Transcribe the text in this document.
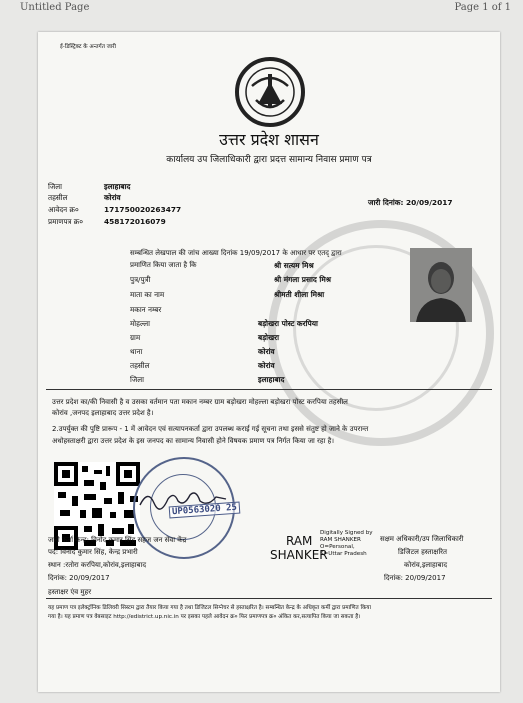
Untitled Page	Page 1 of 1
ई-डिस्ट्रिक्ट के अन्तर्गत जारी
उत्तर प्रदेश शासन
कार्यालय उप जिलाधिकारी द्वारा प्रदत्त सामान्य निवास प्रमाण पत्र
जिला	इलाहाबाद
तहसील	कोरांव
आवेदन क्र०	171750020263477
प्रमाणपत्र क्र०	458172016079
जारी दिनांक: 20/09/2017
सम्बन्धित लेखपाल की जांच आख्या दिनांक 19/09/2017 के आधार पर एतद् द्वारा
प्रमाणित किया जाता है कि	श्री सत्यम मिश्र
पुत्र/पुत्री	श्री मंगला प्रसाद मिश्र
माता का नाम	श्रीमती शीला मिश्रा
मकान नम्बर
मोहल्ला	बड़ोखरा पोस्ट करपिया
ग्राम	बड़ोखरा
थाना	कोरांव
तहसील	कोरांव
जिला	इलाहाबाद
उत्तर प्रदेश का/की निवासी है व उसका वर्तमान पता मकान नम्बर ग्राम बड़ोखरा मोहल्ला बड़ोखरा पोस्ट करपिया तहसील
कोरांव ,जनपद इलाहाबाद उत्तर प्रदेश है।
2.उपर्युक्त की पुष्टि प्रारूप - 1 में आवेदन एवं सत्यापनकर्ता द्वारा उपलब्ध कराई गई सूचना तथा इससे संतुष्ट हो जाने के उपरान्त
अधोहस्ताक्षरी द्वारा उत्तर प्रदेश के इस जनपद का सामान्य निवासी होने विषयक प्रमाण पत्र निर्गत किया जा रहा है।
UP0563020 25
जारी कर्ता केन्द्र: विनोद कुमार सिंह सहज जन सेवा केंद्र
पद: विनोद कुमार सिंह, केन्द्र प्रभारी
स्थान :रतोरा करपिया,कोरांव,इलाहाबाद
दिनांक: 20/09/2017
हस्ताक्षर एंव मुहर
RAM
SHANKER
Digitally Signed by
RAM SHANKER
O=Personal,
S=Uttar Pradesh
सक्षम अधिकारी/उप जिलाधिकारी
डिजिटल हस्ताक्षरित
कोरांव,इलाहाबाद
दिनांक: 20/09/2017
यह प्रमाण पत्र इलेक्ट्रॉनिक डिलिवरी सिस्टम द्वारा तैयार किया गया है तथा डिजिटल सिग्नेचर से हस्ताक्षरित है। सम्बन्धित केन्द्र के अधिकृत कर्मी द्वारा प्रमाणित किया
गया है। यह प्रमाण पत्र वेबसाइट http://edistrict.up.nic.in पर इसका पहले आवेदन क्र० फिर प्रमाणपत्र क्र० अंकित कर,सत्यापित किया जा सकता है।
